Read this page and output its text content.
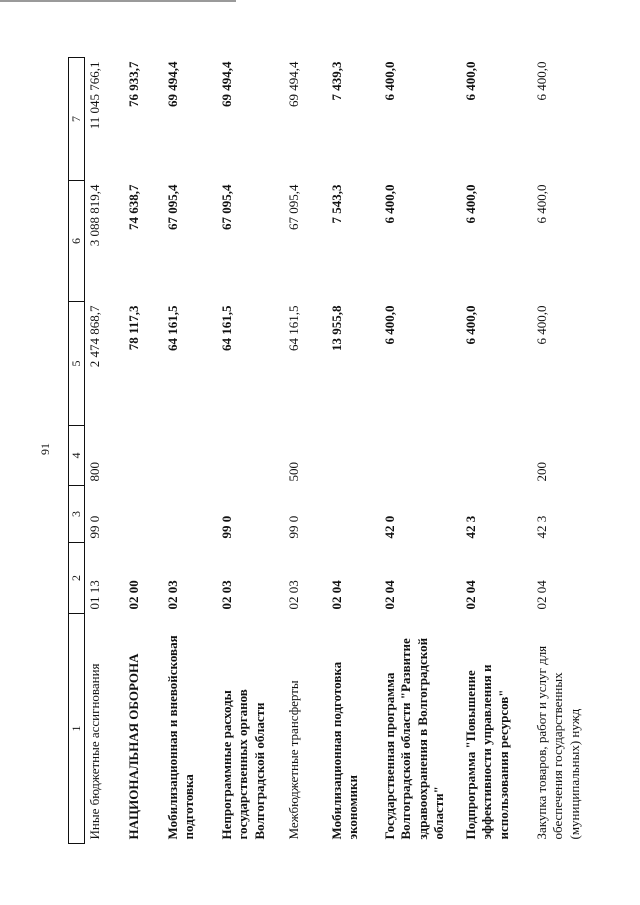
91
1	2	3	4	5	6	7
Иные бюджетные ассигнования	01 13	99 0	800	2 474 868,7	3 088 819,4	11 045 766,1
НАЦИОНАЛЬНАЯ ОБОРОНА	02 00			78 117,3	74 638,7	76 933,7
Мобилизационная и вневойсковая подготовка	02 03			64 161,5	67 095,4	69 494,4
Непрограммные расходы государственных органов Волгоградской области	02 03	99 0		64 161,5	67 095,4	69 494,4
Межбюджетные трансферты	02 03	99 0	500	64 161,5	67 095,4	69 494,4
Мобилизационная подготовка экономики	02 04			13 955,8	7 543,3	7 439,3
Государственная программа Волгоградской области "Развитие здравоохранения в Волгоградской области"	02 04	42 0		6 400,0	6 400,0	6 400,0
Подпрограмма "Повышение эффективности управления и использования ресурсов"	02 04	42 3		6 400,0	6 400,0	6 400,0
Закупка товаров, работ и услуг для обеспечения государственных (муниципальных) нужд	02 04	42 3	200	6 400,0	6 400,0	6 400,0
